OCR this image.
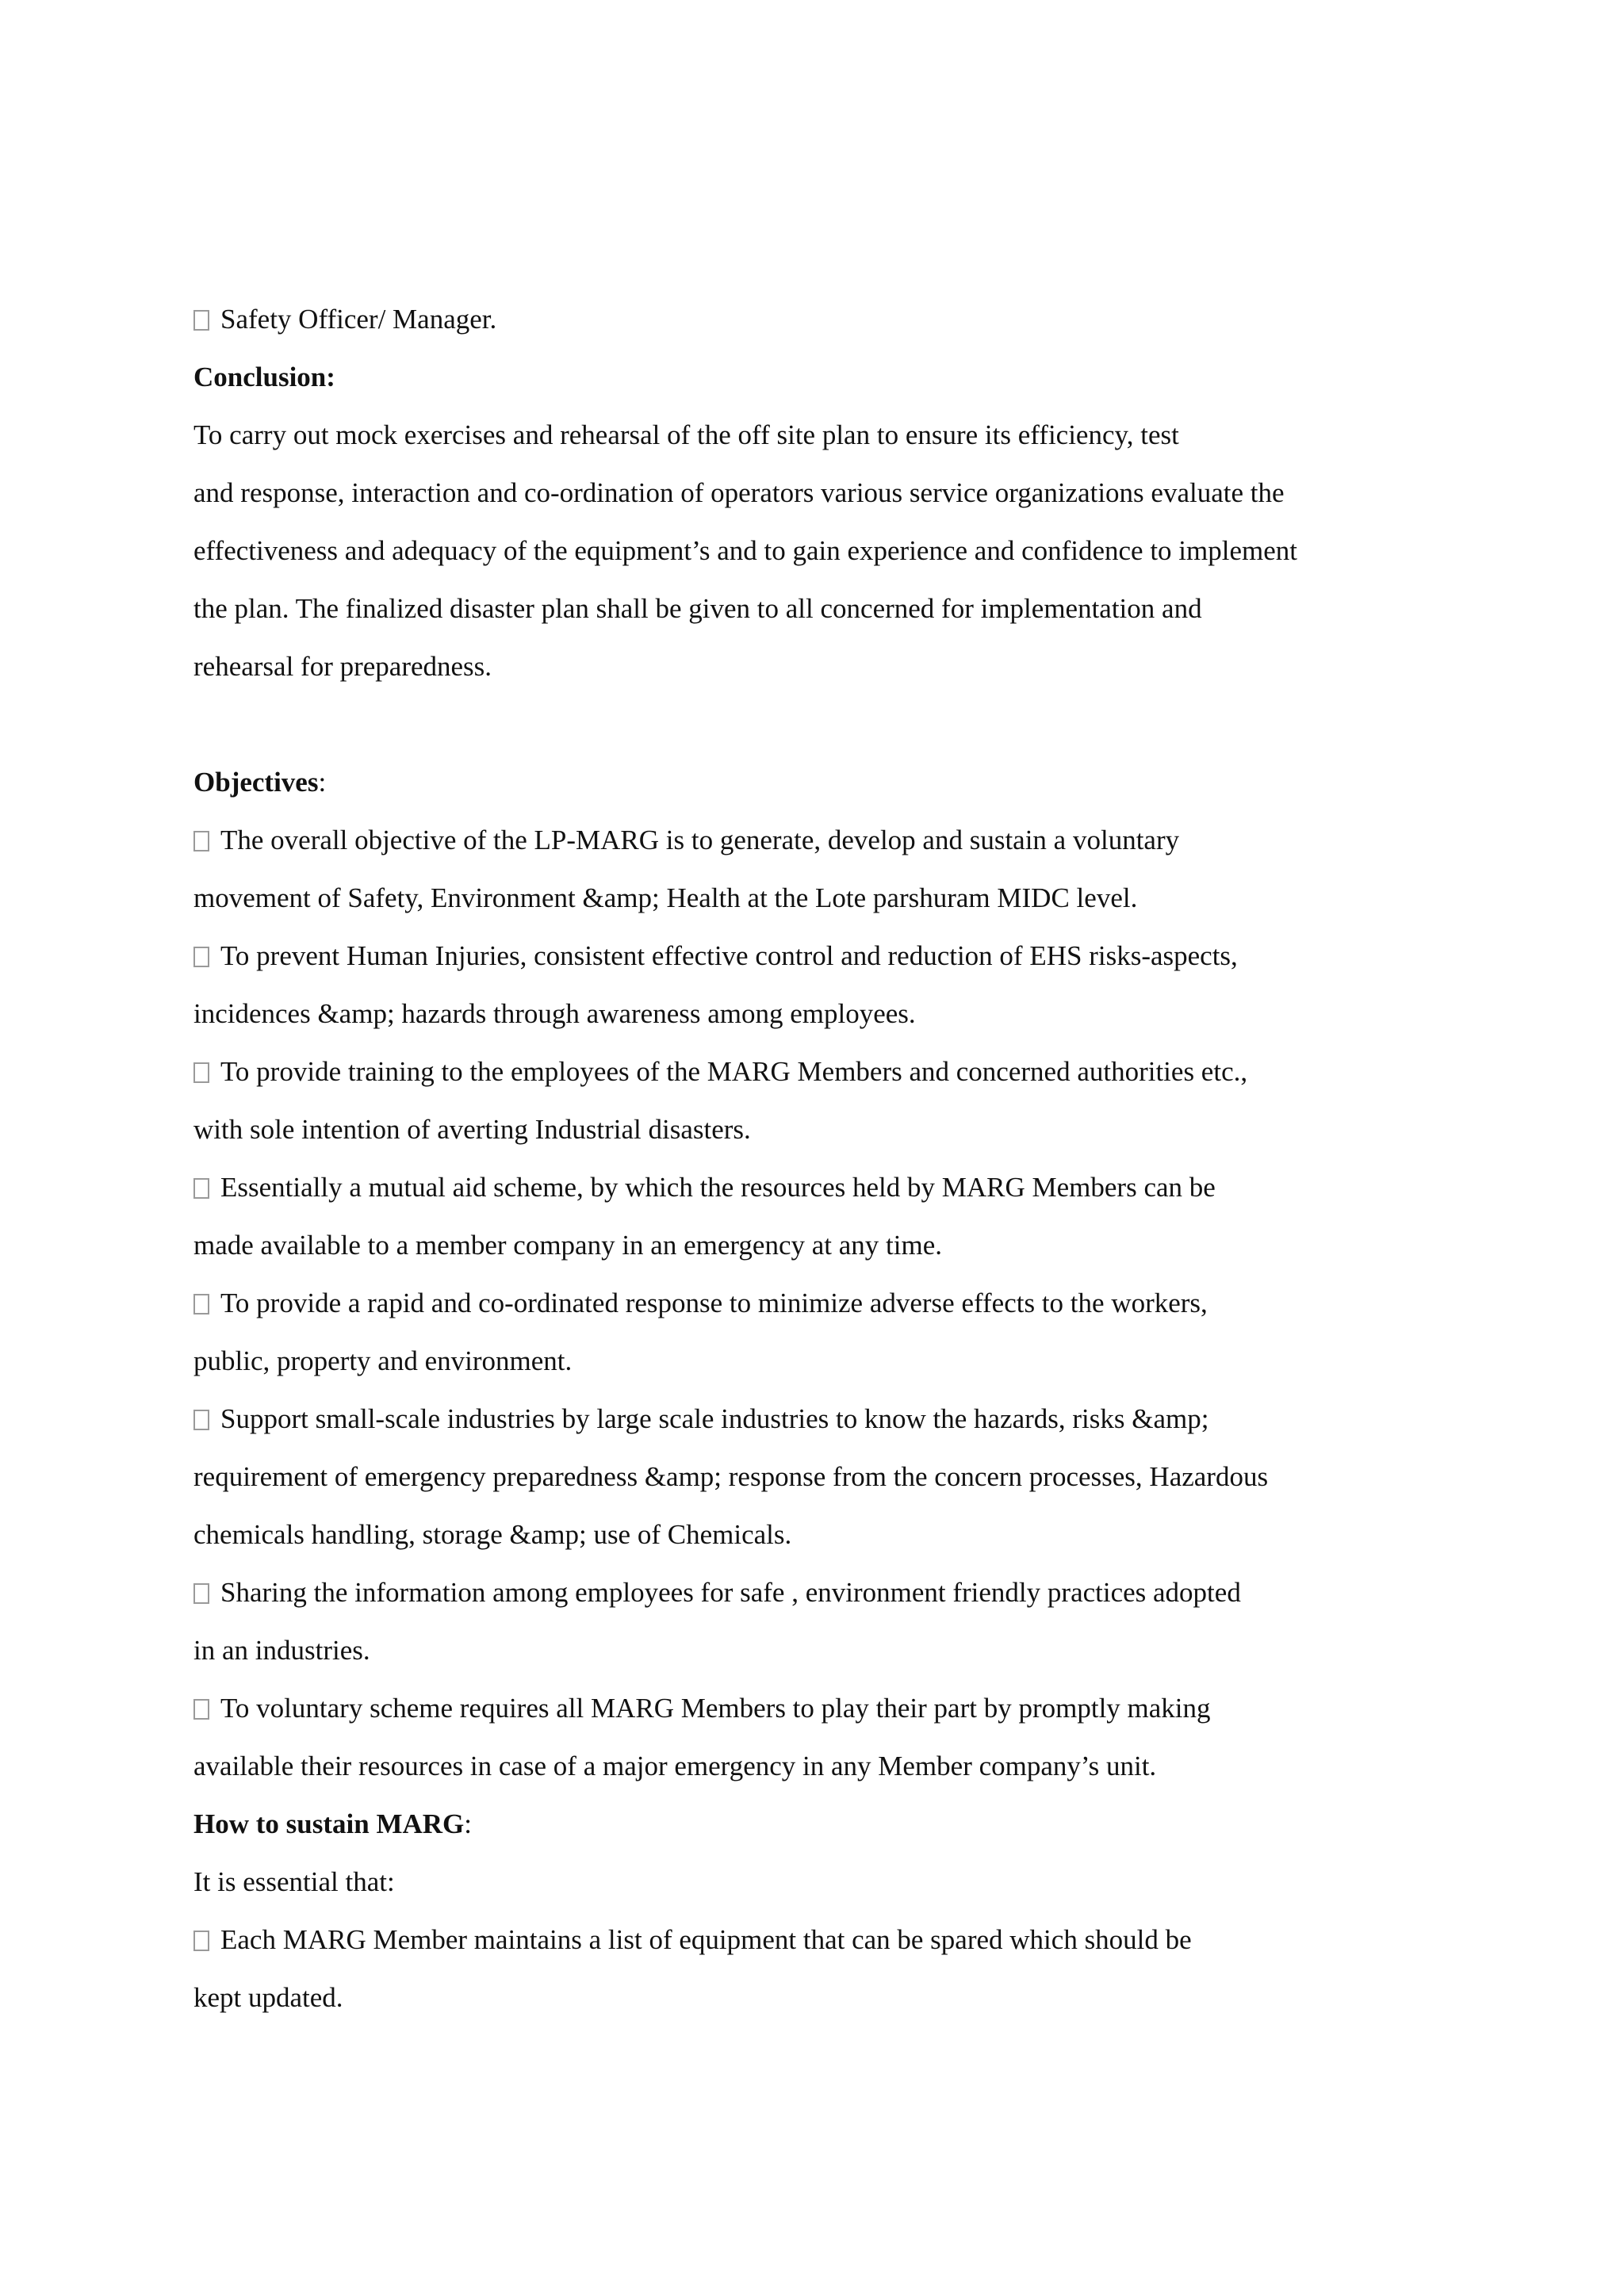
Safety Officer/ Manager.
Conclusion:
To carry out mock exercises and rehearsal of the off site plan to ensure its efficiency, test
and response, interaction and co-ordination of operators various service organizations evaluate the
effectiveness and adequacy of the equipment’s and to gain experience and confidence to implement
the plan. The finalized disaster plan shall be given to all concerned for implementation and
rehearsal for preparedness.
Objectives:
The overall objective of the LP-MARG is to generate, develop and sustain a voluntary
movement of Safety, Environment &amp; Health at the Lote parshuram MIDC level.
To prevent Human Injuries, consistent effective control and reduction of EHS risks-aspects,
incidences &amp; hazards through awareness among employees.
To provide training to the employees of the MARG Members and concerned authorities etc.,
with sole intention of averting Industrial disasters.
Essentially a mutual aid scheme, by which the resources held by MARG Members can be
made available to a member company in an emergency at any time.
To provide a rapid and co-ordinated response to minimize adverse effects to the workers,
public, property and environment.
Support small-scale industries by large scale industries to know the hazards, risks &amp;
requirement of emergency preparedness &amp; response from the concern processes, Hazardous
chemicals handling, storage &amp; use of Chemicals.
Sharing the information among employees for safe , environment friendly practices adopted
in an industries.
To voluntary scheme requires all MARG Members to play their part by promptly making
available their resources in case of a major emergency in any Member company’s unit.
How to sustain MARG:
It is essential that:
Each MARG Member maintains a list of equipment that can be spared which should be
kept updated.
